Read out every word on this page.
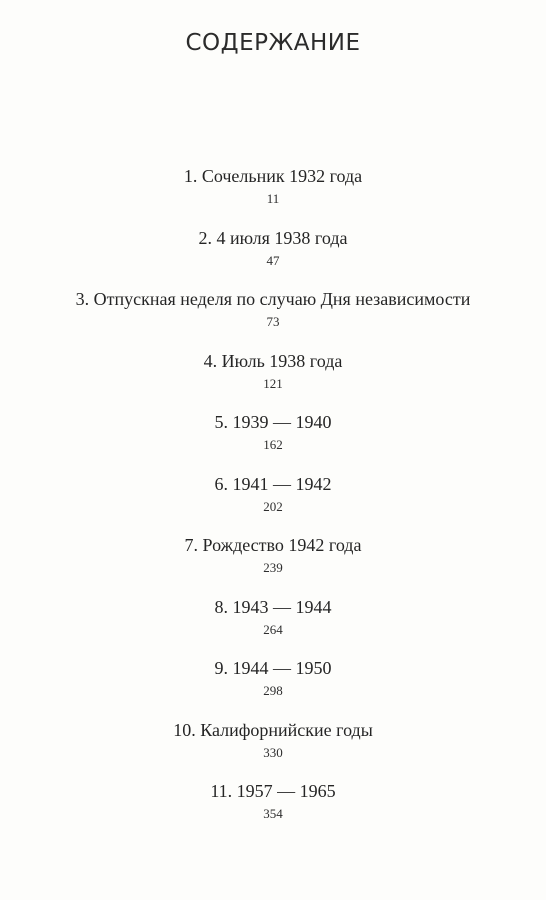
СОДЕРЖАНИЕ
1. Сочельник 1932 года
11
2. 4 июля 1938 года
47
3. Отпускная неделя по случаю Дня независимости
73
4. Июль 1938 года
121
5. 1939 — 1940
162
6. 1941 — 1942
202
7. Рождество 1942 года
239
8. 1943 — 1944
264
9. 1944 — 1950
298
10. Калифорнийские годы
330
11. 1957 — 1965
354
